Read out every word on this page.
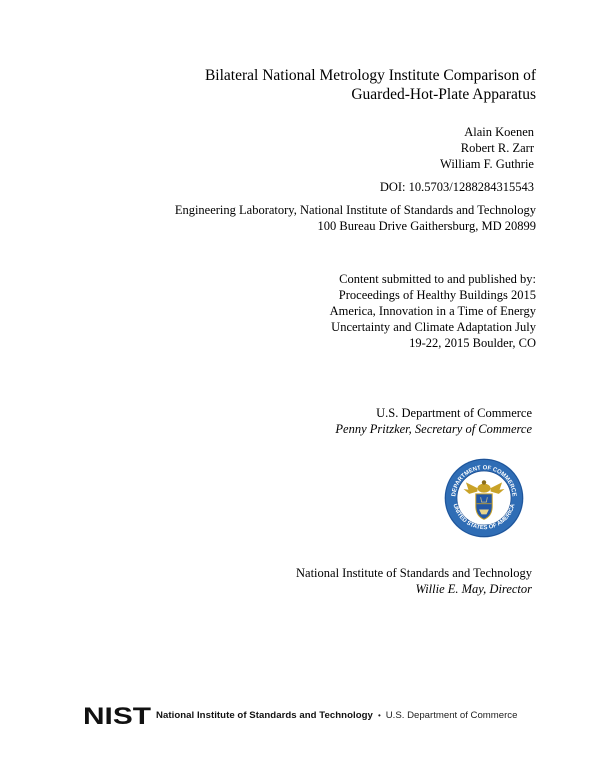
Bilateral National Metrology Institute Comparison of
Guarded-Hot-Plate Apparatus
Alain Koenen
Robert R. Zarr
William F. Guthrie
DOI: 10.5703/1288284315543
Engineering Laboratory, National Institute of Standards and Technology
100 Bureau Drive Gaithersburg, MD 20899
Content submitted to and published by:
Proceedings of Healthy Buildings 2015
America, Innovation in a Time of Energy
Uncertainty and Climate Adaptation July
19-22, 2015 Boulder, CO
U.S. Department of Commerce
Penny Pritzker, Secretary of Commerce
DEPARTMENT OF COMMERCE
UNITED STATES OF AMERICA
National Institute of Standards and Technology
Willie E. May, Director
NIST National Institute of Standards and Technology • U.S. Department of Commerce
